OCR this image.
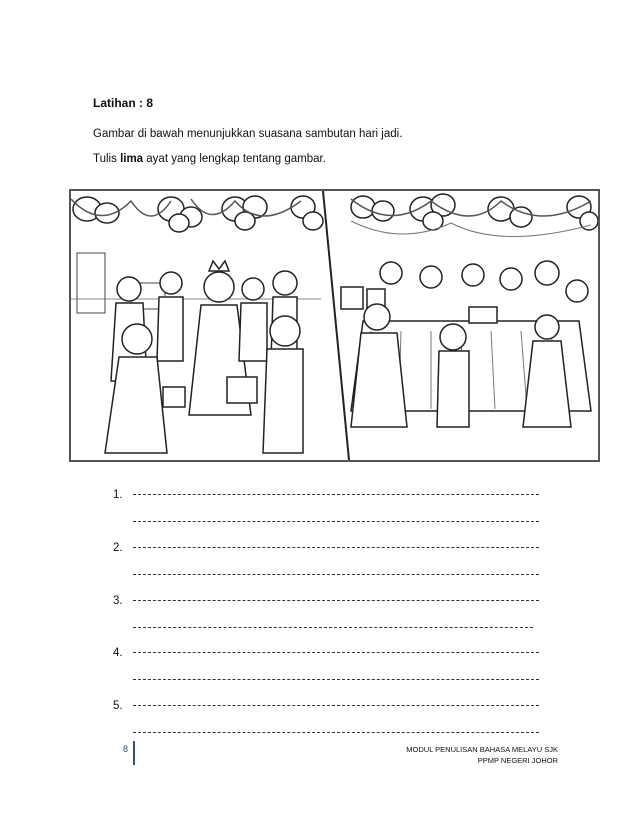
Latihan : 8
Gambar di bawah menunjukkan suasana sambutan hari jadi.
Tulis lima ayat yang lengkap tentang gambar.
1.
2.
3.
4.
5.
8	MODUL PENULISAN BAHASA MELAYU SJK
PPMP NEGERI JOHOR
